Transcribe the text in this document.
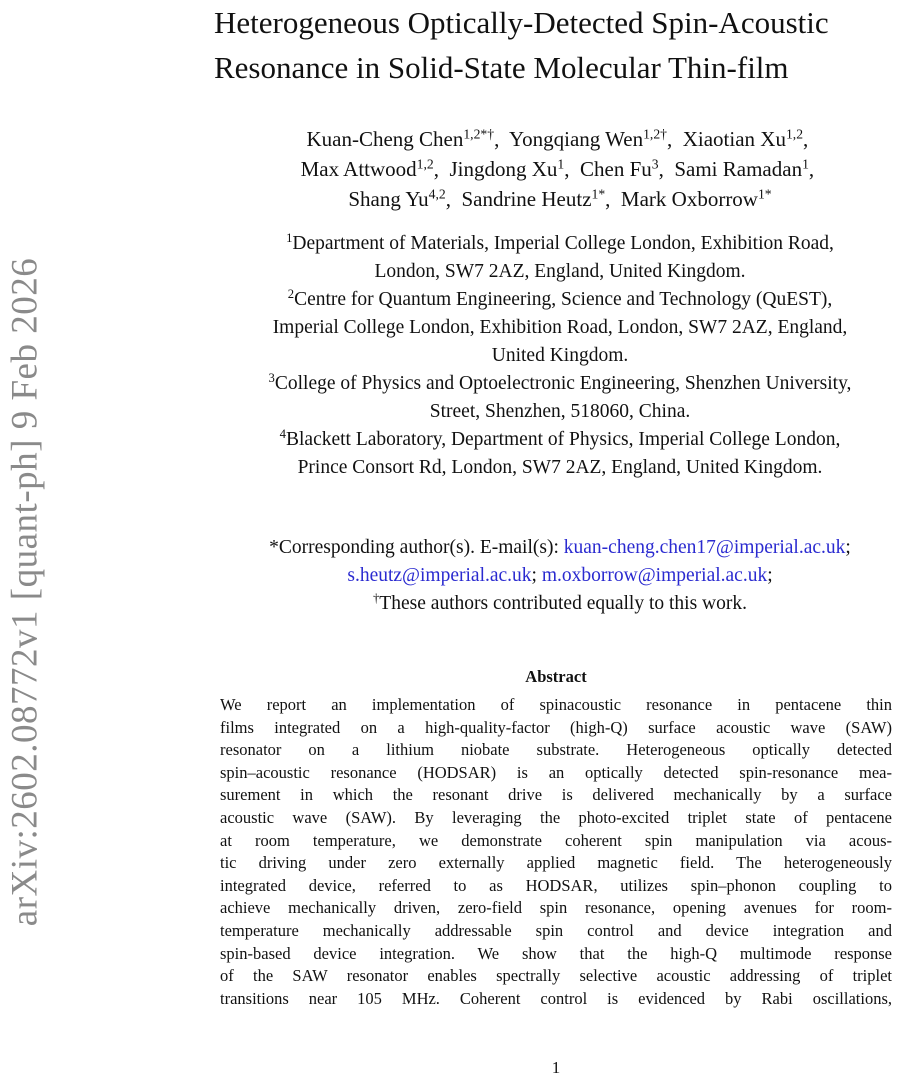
arXiv:2602.08772v1 [quant-ph] 9 Feb 2026
Heterogeneous Optically-Detected Spin-Acoustic
Resonance in Solid-State Molecular Thin-film
Kuan-Cheng Chen$^{1,2*\dagger}$,  Yongqiang Wen$^{1,2\dagger}$,  Xiaotian Xu$^{1,2}$,
Max Attwood$^{1,2}$,  Jingdong Xu$^1$,  Chen Fu$^3$,  Sami Ramadan$^1$,
Shang Yu$^{4,2}$,  Sandrine Heutz$^{1*}$,  Mark Oxborrow$^{1*}$
$^1$Department of Materials, Imperial College London, Exhibition Road,
London, SW7 2AZ, England, United Kingdom.
$^2$Centre for Quantum Engineering, Science and Technology (QuEST),
Imperial College London, Exhibition Road, London, SW7 2AZ, England,
United Kingdom.
$^3$College of Physics and Optoelectronic Engineering, Shenzhen University,
Street, Shenzhen, 518060, China.
$^4$Blackett Laboratory, Department of Physics, Imperial College London,
Prince Consort Rd, London, SW7 2AZ, England, United Kingdom.
*Corresponding author(s). E-mail(s): kuan-cheng.chen17@imperial.ac.uk;
s.heutz@imperial.ac.uk; m.oxborrow@imperial.ac.uk;
†These authors contributed equally to this work.
Abstract
We report an implementation of spinacoustic resonance in pentacene thin
films integrated on a high-quality-factor (high-Q) surface acoustic wave (SAW)
resonator on a lithium niobate substrate. Heterogeneous optically detected
spin–acoustic resonance (HODSAR) is an optically detected spin-resonance mea-
surement in which the resonant drive is delivered mechanically by a surface
acoustic wave (SAW). By leveraging the photo-excited triplet state of pentacene
at room temperature, we demonstrate coherent spin manipulation via acous-
tic driving under zero externally applied magnetic field. The heterogeneously
integrated device, referred to as HODSAR, utilizes spin–phonon coupling to
achieve mechanically driven, zero-field spin resonance, opening avenues for room-
temperature mechanically addressable spin control and device integration and
spin-based device integration. We show that the high-Q multimode response
of the SAW resonator enables spectrally selective acoustic addressing of triplet
transitions near 105 MHz. Coherent control is evidenced by Rabi oscillations,
1
